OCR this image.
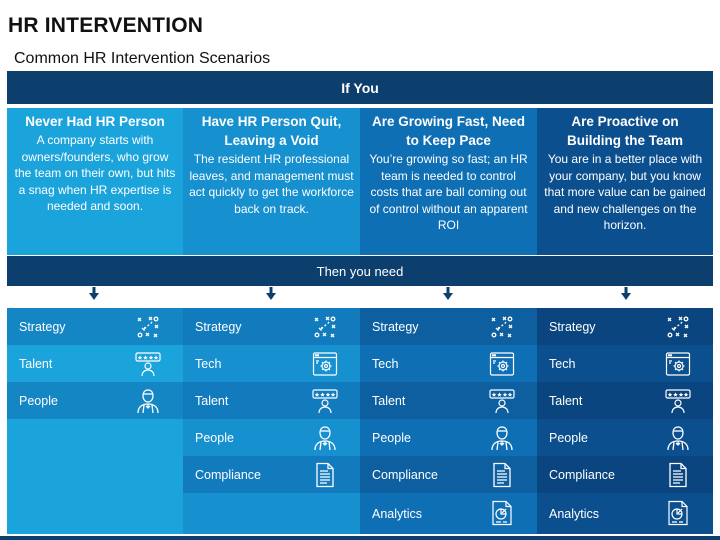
HR INTERVENTION
Common HR Intervention Scenarios
If You
Never Had HR Person
A company starts with owners/founders, who grow the team on their own, but hits a snag when HR expertise is needed and soon.
Have HR Person Quit, Leaving a Void
The resident HR professional leaves, and management must act quickly to get the workforce back on track.
Are Growing Fast, Need to Keep Pace
You’re growing so fast; an HR team is needed to control costs that are ball coming out of control without an apparent ROI
Are Proactive on Building the Team
You are in a better place with your company, but you know that more value can be gained and new challenges on the horizon.
Then you need
Strategy
Talent
People
Strategy
Tech
Talent
People
Compliance
Strategy
Tech
Talent
People
Compliance
Analytics
Strategy
Tech
Talent
People
Compliance
Analytics
